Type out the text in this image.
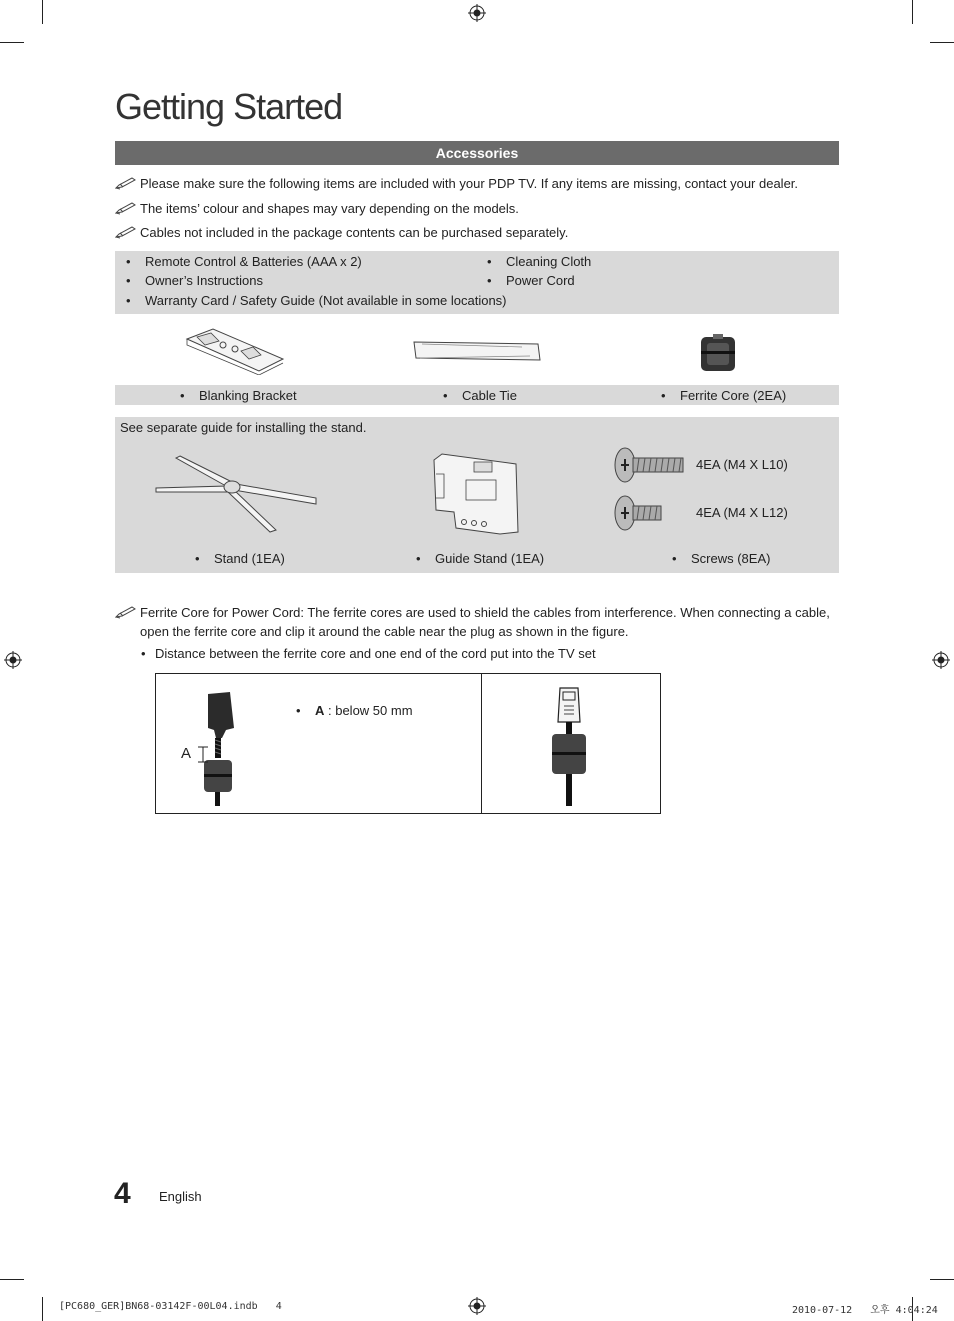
Getting Started
Accessories
Please make sure the following items are included with your PDP TV. If any items are missing, contact your dealer.
The items’ colour and shapes may vary depending on the models.
Cables not included in the package contents can be purchased separately.
• Remote Control & Batteries (AAA x 2)
• Owner’s Instructions
• Warranty Card / Safety Guide (Not available in some locations)
• Cleaning Cloth
• Power Cord
• Blanking Bracket	• Cable Tie	• Ferrite Core (2EA)
See separate guide for installing the stand.
4EA (M4 X L10)
4EA (M4 X L12)
• Stand (1EA)	• Guide Stand (1EA)	• Screws (8EA)
Ferrite Core for Power Cord: The ferrite cores are used to shield the cables from interference. When connecting a cable,
open the ferrite core and clip it around the cable near the plug as shown in the figure.
• Distance between the ferrite core and one end of the cord put into the TV set
A
• A : below 50 mm
4 English
[PC680_GER]BN68-03142F-00L04.indb   4	2010-07-12   오후 4:04:24
